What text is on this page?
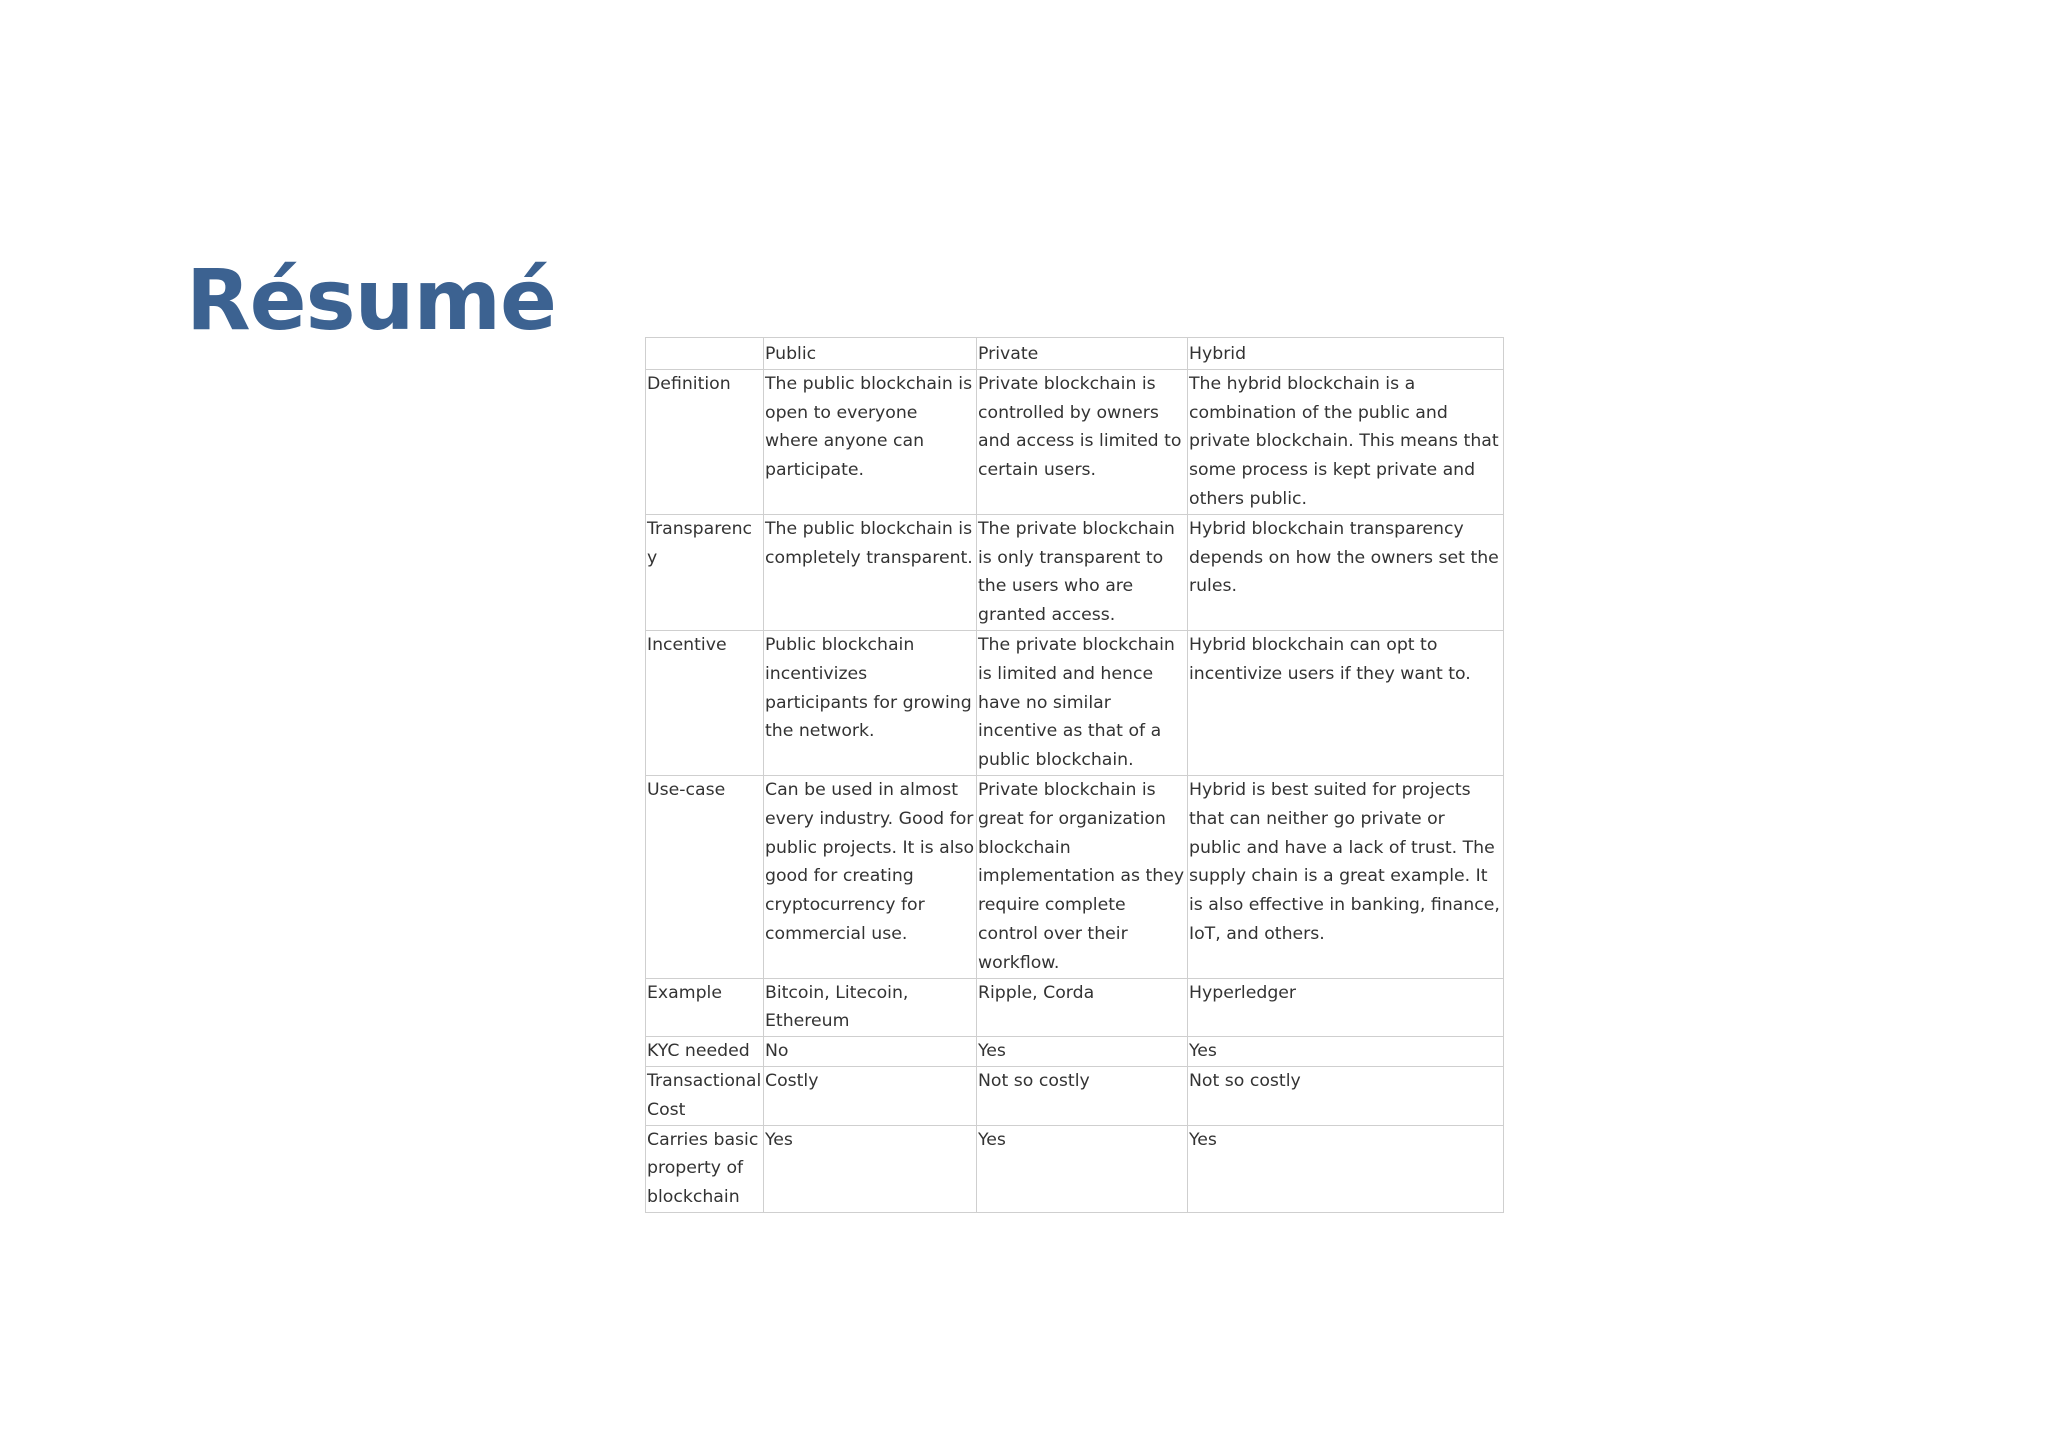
Résumé
	Public	Private	Hybrid
Definition	The public blockchain is open to everyone where anyone can participate.	Private blockchain is controlled by owners and access is limited to certain users.	The hybrid blockchain is a combination of the public and private blockchain. This means that some process is kept private and others public.
Transparency	The public blockchain is completely transparent.	The private blockchain is only transparent to the users who are granted access.	Hybrid blockchain transparency depends on how the owners set the rules.
Incentive	Public blockchain incentivizes participants for growing the network.	The private blockchain is limited and hence have no similar incentive as that of a public blockchain.	Hybrid blockchain can opt to incentivize users if they want to.
Use-case	Can be used in almost every industry. Good for public projects. It is also good for creating cryptocurrency for commercial use.	Private blockchain is great for organization blockchain implementation as they require complete control over their workflow.	Hybrid is best suited for projects that can neither go private or public and have a lack of trust. The supply chain is a great example. It is also effective in banking, finance, IoT, and others.
Example	Bitcoin, Litecoin, Ethereum	Ripple, Corda	Hyperledger
KYC needed	No	Yes	Yes
Transactional Cost	Costly	Not so costly	Not so costly
Carries basic property of blockchain	Yes	Yes	Yes
